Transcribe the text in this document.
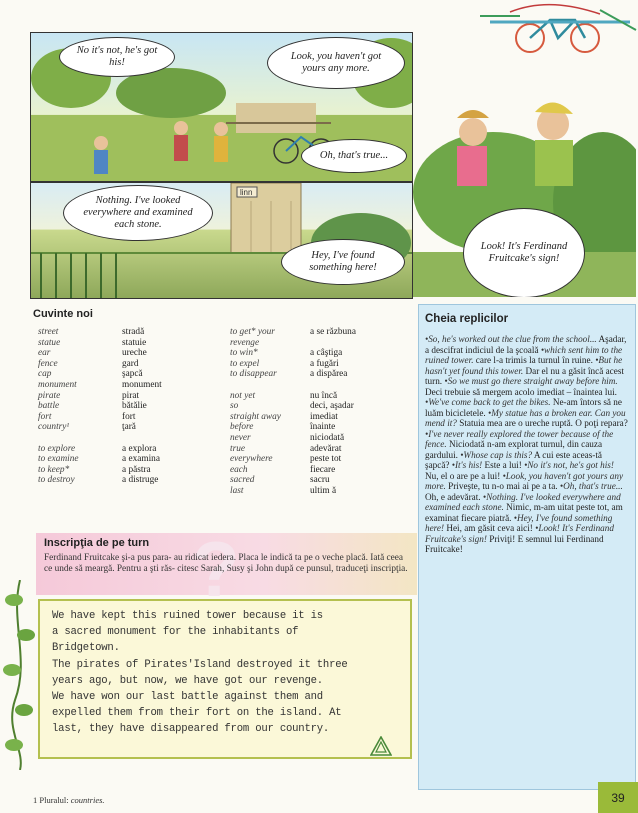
No it's not, he's got his!
Look, you haven't got yours any more.
Oh, that's true...
linn
Nothing. I've looked everywhere and examined each stone.
Hey, I've found something here!
Look! It's Ferdinand Fruitcake's sign!
Cuvinte noi
street
statue
ear
fence
cap
monument
pirate
battle
fort
country¹
to explore
to examine
to keep*
to destroy
stradă
statuie
ureche
gard
şapcă
monument
pirat
bătălie
fort
ţară
a explora
a examina
a păstra
a distruge
to get* your revenge
to win*
to expel
to disappear
not yet
so
straight away
before
never
true
everywhere
each
sacred
last
a se răzbuna
a câştiga
a fugări
a dispărea
nu încă
deci, aşadar
imediat
înainte
niciodată
adevărat
peste tot
fiecare
sacru
ultim ă
Cheia replicilor
•So, he's worked out the clue from the school... Aşadar, a descifrat indiciul de la şcoală •which sent him to the ruined tower. care l-a trimis la turnul în ruine. •But he hasn't yet found this tower. Dar el nu a găsit încă acest turn. •So we must go there straight away before him. Deci trebuie să mergem acolo imediat – înaintea lui. •We've come back to get the bikes. Ne-am întors să ne luăm bicicletele. •My statue has a broken ear. Can you mend it? Statuia mea are o ureche ruptă. O poţi repara? •I've never really explored the tower because of the fence. Niciodată n-am explorat turnul, din cauza gardului. •Whose cap is this? A cui este aceas-tă şapcă? •It's his! Este a lui! •No it's not, he's got his! Nu, el o are pe a lui! •Look, you haven't got yours any more. Priveşte, tu n-o mai ai pe a ta. •Oh, that's true... Oh, e adevărat. •Nothing. I've looked everywhere and examined each stone. Nimic, m-am uitat peste tot, am examinat fiecare piatră. •Hey, I've found something here! Hei, am găsit ceva aici! •Look! It's Ferdinand Fruitcake's sign! Priviţi! E semnul lui Ferdinand Fruitcake!
?
Inscripţia de pe turn
Ferdinand Fruitcake şi-a pus para- au ridicat iedera. Placa le indică ta pe o veche placă. Iată ceea ce unde să meargă. Pentru a şti răs- citesc Sarah, Susy şi John după ce punsul, traduceţi inscripţia.
We have kept this ruined tower because it is
a sacred monument for the inhabitants of
Bridgetown.
The pirates of Pirates'Island destroyed it three
years ago, but now, we have got our revenge.
We have won our last battle against them and
expelled them from their fort on the island. At
last, they have disappeared from our country.
1 Pluralul: countries.	39
